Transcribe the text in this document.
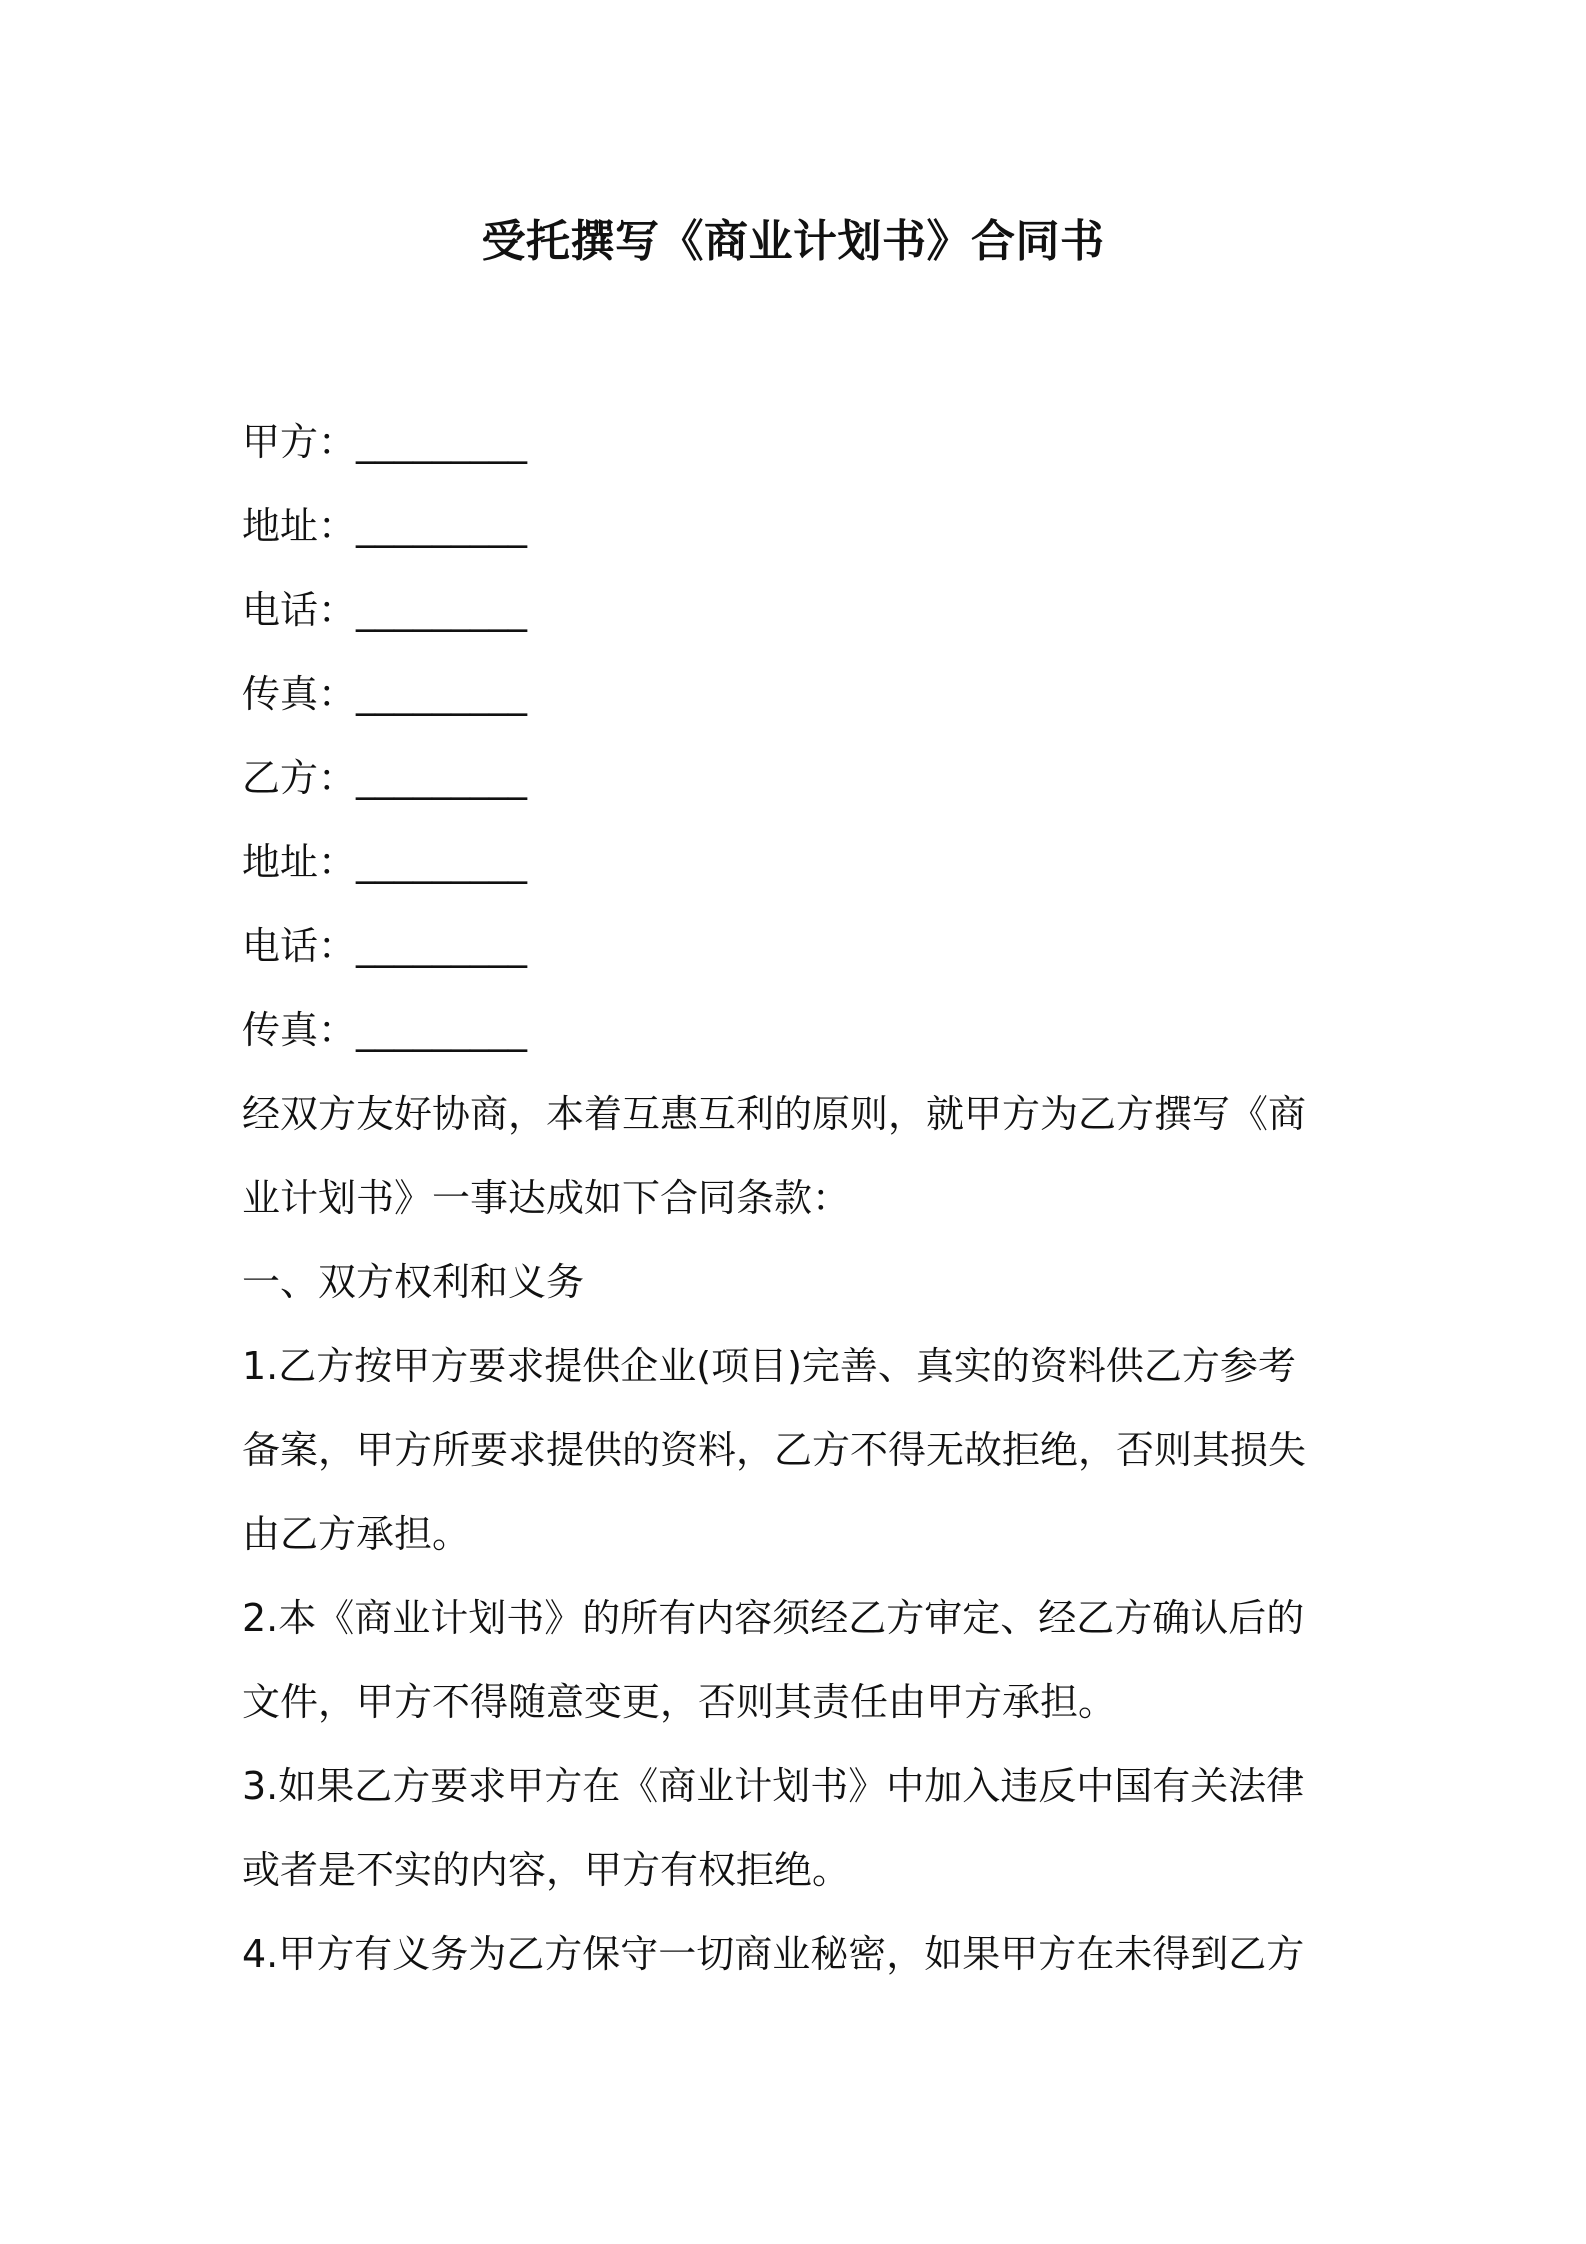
受托撰写《商业计划书》合同书
甲方：_________
地址：_________
电话：_________
传真：_________
乙方：_________
地址：_________
电话：_________
传真：_________
经双方友好协商，本着互惠互利的原则，就甲方为乙方撰写《商
业计划书》一事达成如下合同条款：
一、双方权利和义务
1.乙方按甲方要求提供企业(项目)完善、真实的资料供乙方参考
备案，甲方所要求提供的资料，乙方不得无故拒绝，否则其损失
由乙方承担。
2.本《商业计划书》的所有内容须经乙方审定、经乙方确认后的
文件，甲方不得随意变更，否则其责任由甲方承担。
3.如果乙方要求甲方在《商业计划书》中加入违反中国有关法律
或者是不实的内容，甲方有权拒绝。
4.甲方有义务为乙方保守一切商业秘密，如果甲方在未得到乙方
